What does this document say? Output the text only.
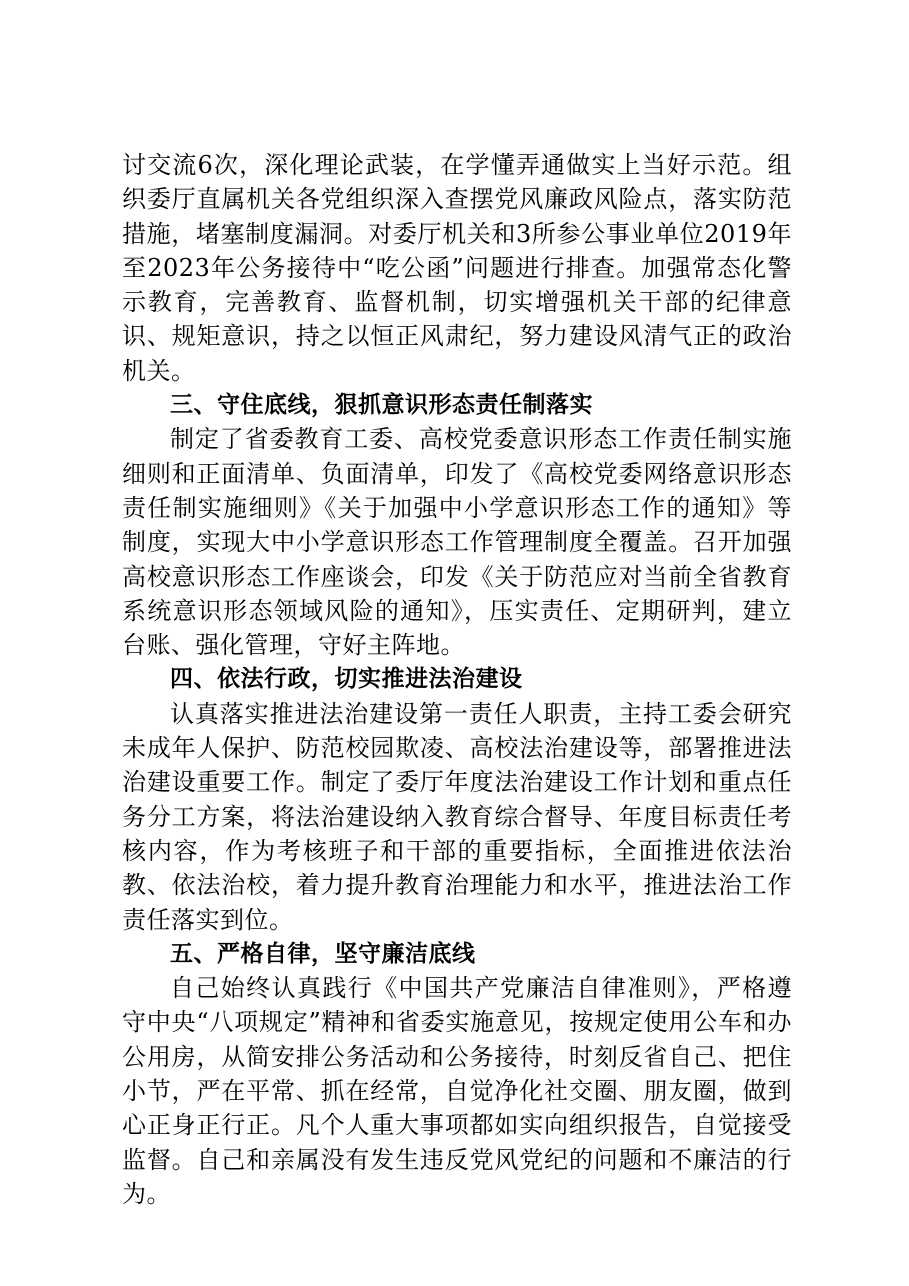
讨交流6次，深化理论武装，在学懂弄通做实上当好示范。组织委厅直属机关各党组织深入查摆党风廉政风险点，落实防范措施，堵塞制度漏洞。对委厅机关和3所参公事业单位2019年至2023年公务接待中“吃公函”问题进行排查。加强常态化警示教育，完善教育、监督机制，切实增强机关干部的纪律意识、规矩意识，持之以恒正风肃纪，努力建设风清气正的政治机关。

三、守住底线，狠抓意识形态责任制落实

制定了省委教育工委、高校党委意识形态工作责任制实施细则和正面清单、负面清单，印发了《高校党委网络意识形态责任制实施细则》《关于加强中小学意识形态工作的通知》等制度，实现大中小学意识形态工作管理制度全覆盖。召开加强高校意识形态工作座谈会，印发《关于防范应对当前全省教育系统意识形态领域风险的通知》，压实责任、定期研判，建立台账、强化管理，守好主阵地。

四、依法行政，切实推进法治建设

认真落实推进法治建设第一责任人职责，主持工委会研究未成年人保护、防范校园欺凌、高校法治建设等，部署推进法治建设重要工作。制定了委厅年度法治建设工作计划和重点任务分工方案，将法治建设纳入教育综合督导、年度目标责任考核内容，作为考核班子和干部的重要指标，全面推进依法治教、依法治校，着力提升教育治理能力和水平，推进法治工作责任落实到位。

五、严格自律，坚守廉洁底线

自己始终认真践行《中国共产党廉洁自律准则》，严格遵守中央“八项规定”精神和省委实施意见，按规定使用公车和办公用房，从简安排公务活动和公务接待，时刻反省自己、把住小节，严在平常、抓在经常，自觉净化社交圈、朋友圈，做到心正身正行正。凡个人重大事项都如实向组织报告，自觉接受监督。自己和亲属没有发生违反党风党纪的问题和不廉洁的行为。
